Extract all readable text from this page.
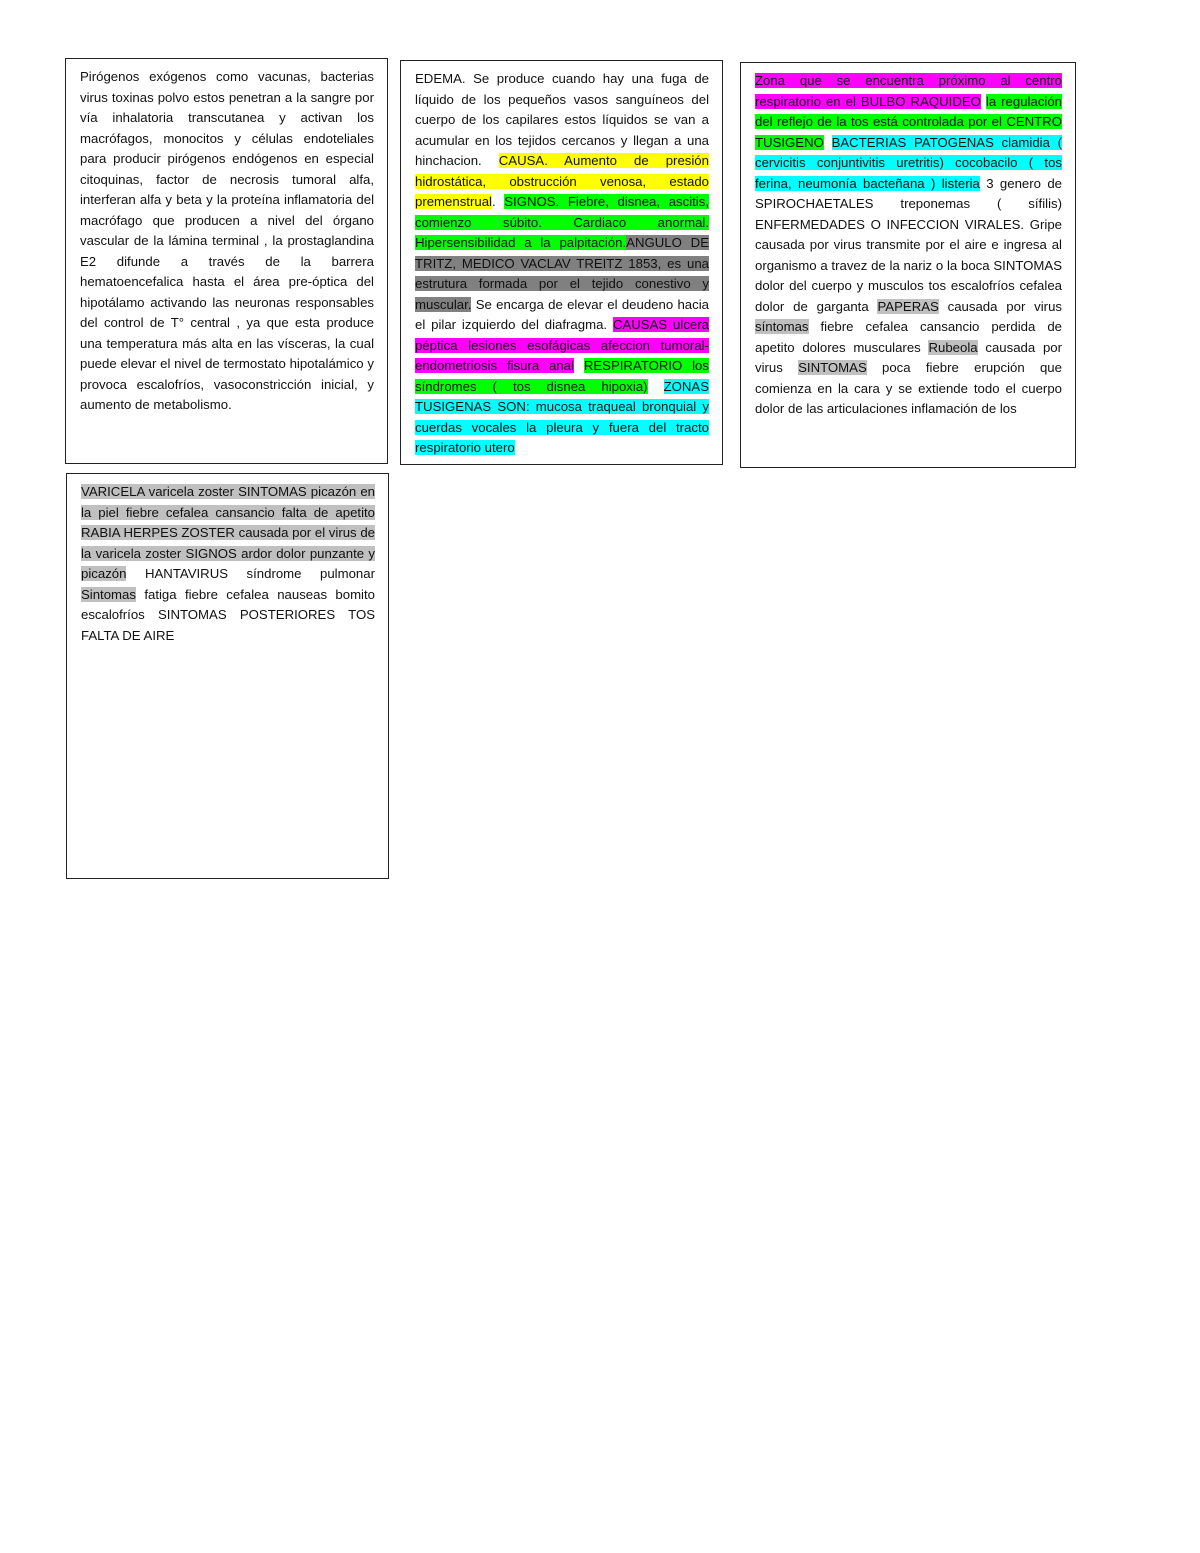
Pirógenos exógenos como vacunas, bacterias virus toxinas polvo estos penetran a la sangre por vía inhalatoria transcutanea y activan los macrófagos, monocitos y células endoteliales para producir pirógenos endógenos en especial citoquinas, factor de necrosis tumoral alfa, interferan alfa y beta y la proteína inflamatoria del macrófago que producen a nivel del órgano vascular de la lámina terminal , la prostaglandina E2 difunde a través de la barrera hematoencefalica hasta el área pre-óptica del hipotálamo activando las neuronas responsables del control de T° central , ya que esta produce una temperatura más alta en las vísceras, la cual puede elevar el nivel de termostato hipotalámico y provoca escalofríos, vasoconstricción inicial, y aumento de metabolismo.

EDEMA. Se produce cuando hay una fuga de líquido de los pequeños vasos sanguíneos del cuerpo de los capilares estos líquidos se van a acumular en los tejidos cercanos y llegan a una hinchacion. CAUSA. Aumento de presión hidrostática, obstrucción venosa, estado premenstrual. SIGNOS. Fiebre, disnea, ascitis, comienzo súbito. Cardiaco anormal. Hipersensibilidad a la palpitación.ANGULO DE TRITZ, MEDICO VACLAV TREITZ 1853, es una estrutura formada por el tejido conestivo y muscular. Se encarga de elevar el deudeno hacia el pilar izquierdo del diafragma. CAUSAS ulcera péptica lesiones esofágicas afeccion tumoral- endometriosis fisura anal RESPIRATORIO los síndromes ( tos disnea hipoxia) ZONAS TUSIGENAS SON: mucosa traqueal bronquial y cuerdas vocales la pleura y fuera del tracto respiratorio utero

Zona que se encuentra próximo al centro respiratorio en el BULBO RAQUIDEO la regulación del reflejo de la tos está controlada por el CENTRO TUSIGENO BACTERIAS PATOGENAS clamidia ( cervicitis conjuntivitis uretritis) cocobacilo ( tos ferina, neumonía bacteñana ) listeria 3 genero de SPIROCHAETALES treponemas ( sífilis) ENFERMEDADES O INFECCION VIRALES. Gripe causada por virus transmite por el aire e ingresa al organismo a travez de la nariz o la boca SINTOMAS dolor del cuerpo y musculos tos escalofríos cefalea dolor de garganta PAPERAS causada por virus síntomas fiebre cefalea cansancio perdida de apetito dolores musculares Rubeola causada por virus SINTOMAS poca fiebre erupción que comienza en la cara y se extiende todo el cuerpo dolor de las articulaciones inflamación de los

VARICELA varicela zoster SINTOMAS picazón en la piel fiebre cefalea cansancio falta de apetito RABIA HERPES ZOSTER causada por el virus de la varicela zoster SIGNOS ardor dolor punzante y picazón HANTAVIRUS síndrome pulmonar Sintomas fatiga fiebre cefalea nauseas bomito escalofríos SINTOMAS POSTERIORES TOS FALTA DE AIRE
